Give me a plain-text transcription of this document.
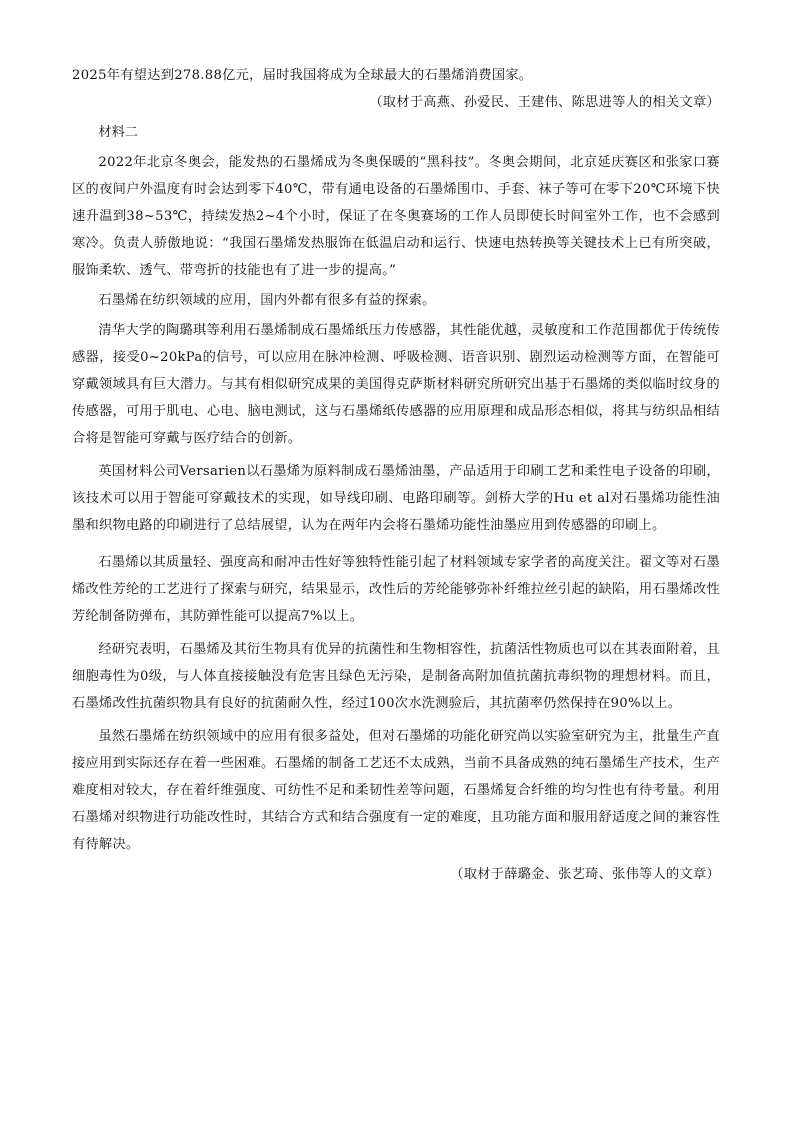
2025年有望达到278.88亿元，届时我国将成为全球最大的石墨烯消费国家。

（取材于高燕、孙爱民、王建伟、陈思进等人的相关文章）

材料二

2022年北京冬奥会，能发热的石墨烯成为冬奥保暖的“黑科技”。冬奥会期间，北京延庆赛区和张家口赛区的夜间户外温度有时会达到零下40℃，带有通电设备的石墨烯围巾、手套、袜子等可在零下20℃环境下快速升温到38~53℃，持续发热2~4个小时，保证了在冬奥赛场的工作人员即使长时间室外工作，也不会感到寒冷。负责人骄傲地说：“我国石墨烯发热服饰在低温启动和运行、快速电热转换等关键技术上已有所突破，服饰柔软、透气、带弯折的技能也有了进一步的提高。”

石墨烯在纺织领域的应用，国内外都有很多有益的探索。

清华大学的陶璐琪等利用石墨烯制成石墨烯纸压力传感器，其性能优越，灵敏度和工作范围都优于传统传感器，接受0~20kPa的信号，可以应用在脉冲检测、呼吸检测、语音识别、剧烈运动检测等方面，在智能可穿戴领域具有巨大潜力。与其有相似研究成果的美国得克萨斯材料研究所研究出基于石墨烯的类似临时纹身的传感器，可用于肌电、心电、脑电测试，这与石墨烯纸传感器的应用原理和成品形态相似，将其与纺织品相结合将是智能可穿戴与医疗结合的创新。

英国材料公司Versarien以石墨烯为原料制成石墨烯油墨，产品适用于印刷工艺和柔性电子设备的印刷，该技术可以用于智能可穿戴技术的实现，如导线印刷、电路印刷等。剑桥大学的Hu et al对石墨烯功能性油墨和织物电路的印刷进行了总结展望，认为在两年内会将石墨烯功能性油墨应用到传感器的印刷上。

石墨烯以其质量轻、强度高和耐冲击性好等独特性能引起了材料领域专家学者的高度关注。翟文等对石墨烯改性芳纶的工艺进行了探索与研究，结果显示，改性后的芳纶能够弥补纤维拉丝引起的缺陷，用石墨烯改性芳纶制备防弹布，其防弹性能可以提高7%以上。

经研究表明，石墨烯及其衍生物具有优异的抗菌性和生物相容性，抗菌活性物质也可以在其表面附着，且细胞毒性为0级，与人体直接接触没有危害且绿色无污染，是制备高附加值抗菌抗毒织物的理想材料。而且，石墨烯改性抗菌织物具有良好的抗菌耐久性，经过100次水洗测验后，其抗菌率仍然保持在90%以上。

虽然石墨烯在纺织领域中的应用有很多益处，但对石墨烯的功能化研究尚以实验室研究为主，批量生产直接应用到实际还存在着一些困难。石墨烯的制备工艺还不太成熟，当前不具备成熟的纯石墨烯生产技术，生产难度相对较大，存在着纤维强度、可纺性不足和柔韧性差等问题，石墨烯复合纤维的均匀性也有待考量。利用石墨烯对织物进行功能改性时，其结合方式和结合强度有一定的难度，且功能方面和服用舒适度之间的兼容性有待解决。

（取材于薛璐金、张艺琦、张伟等人的文章）
